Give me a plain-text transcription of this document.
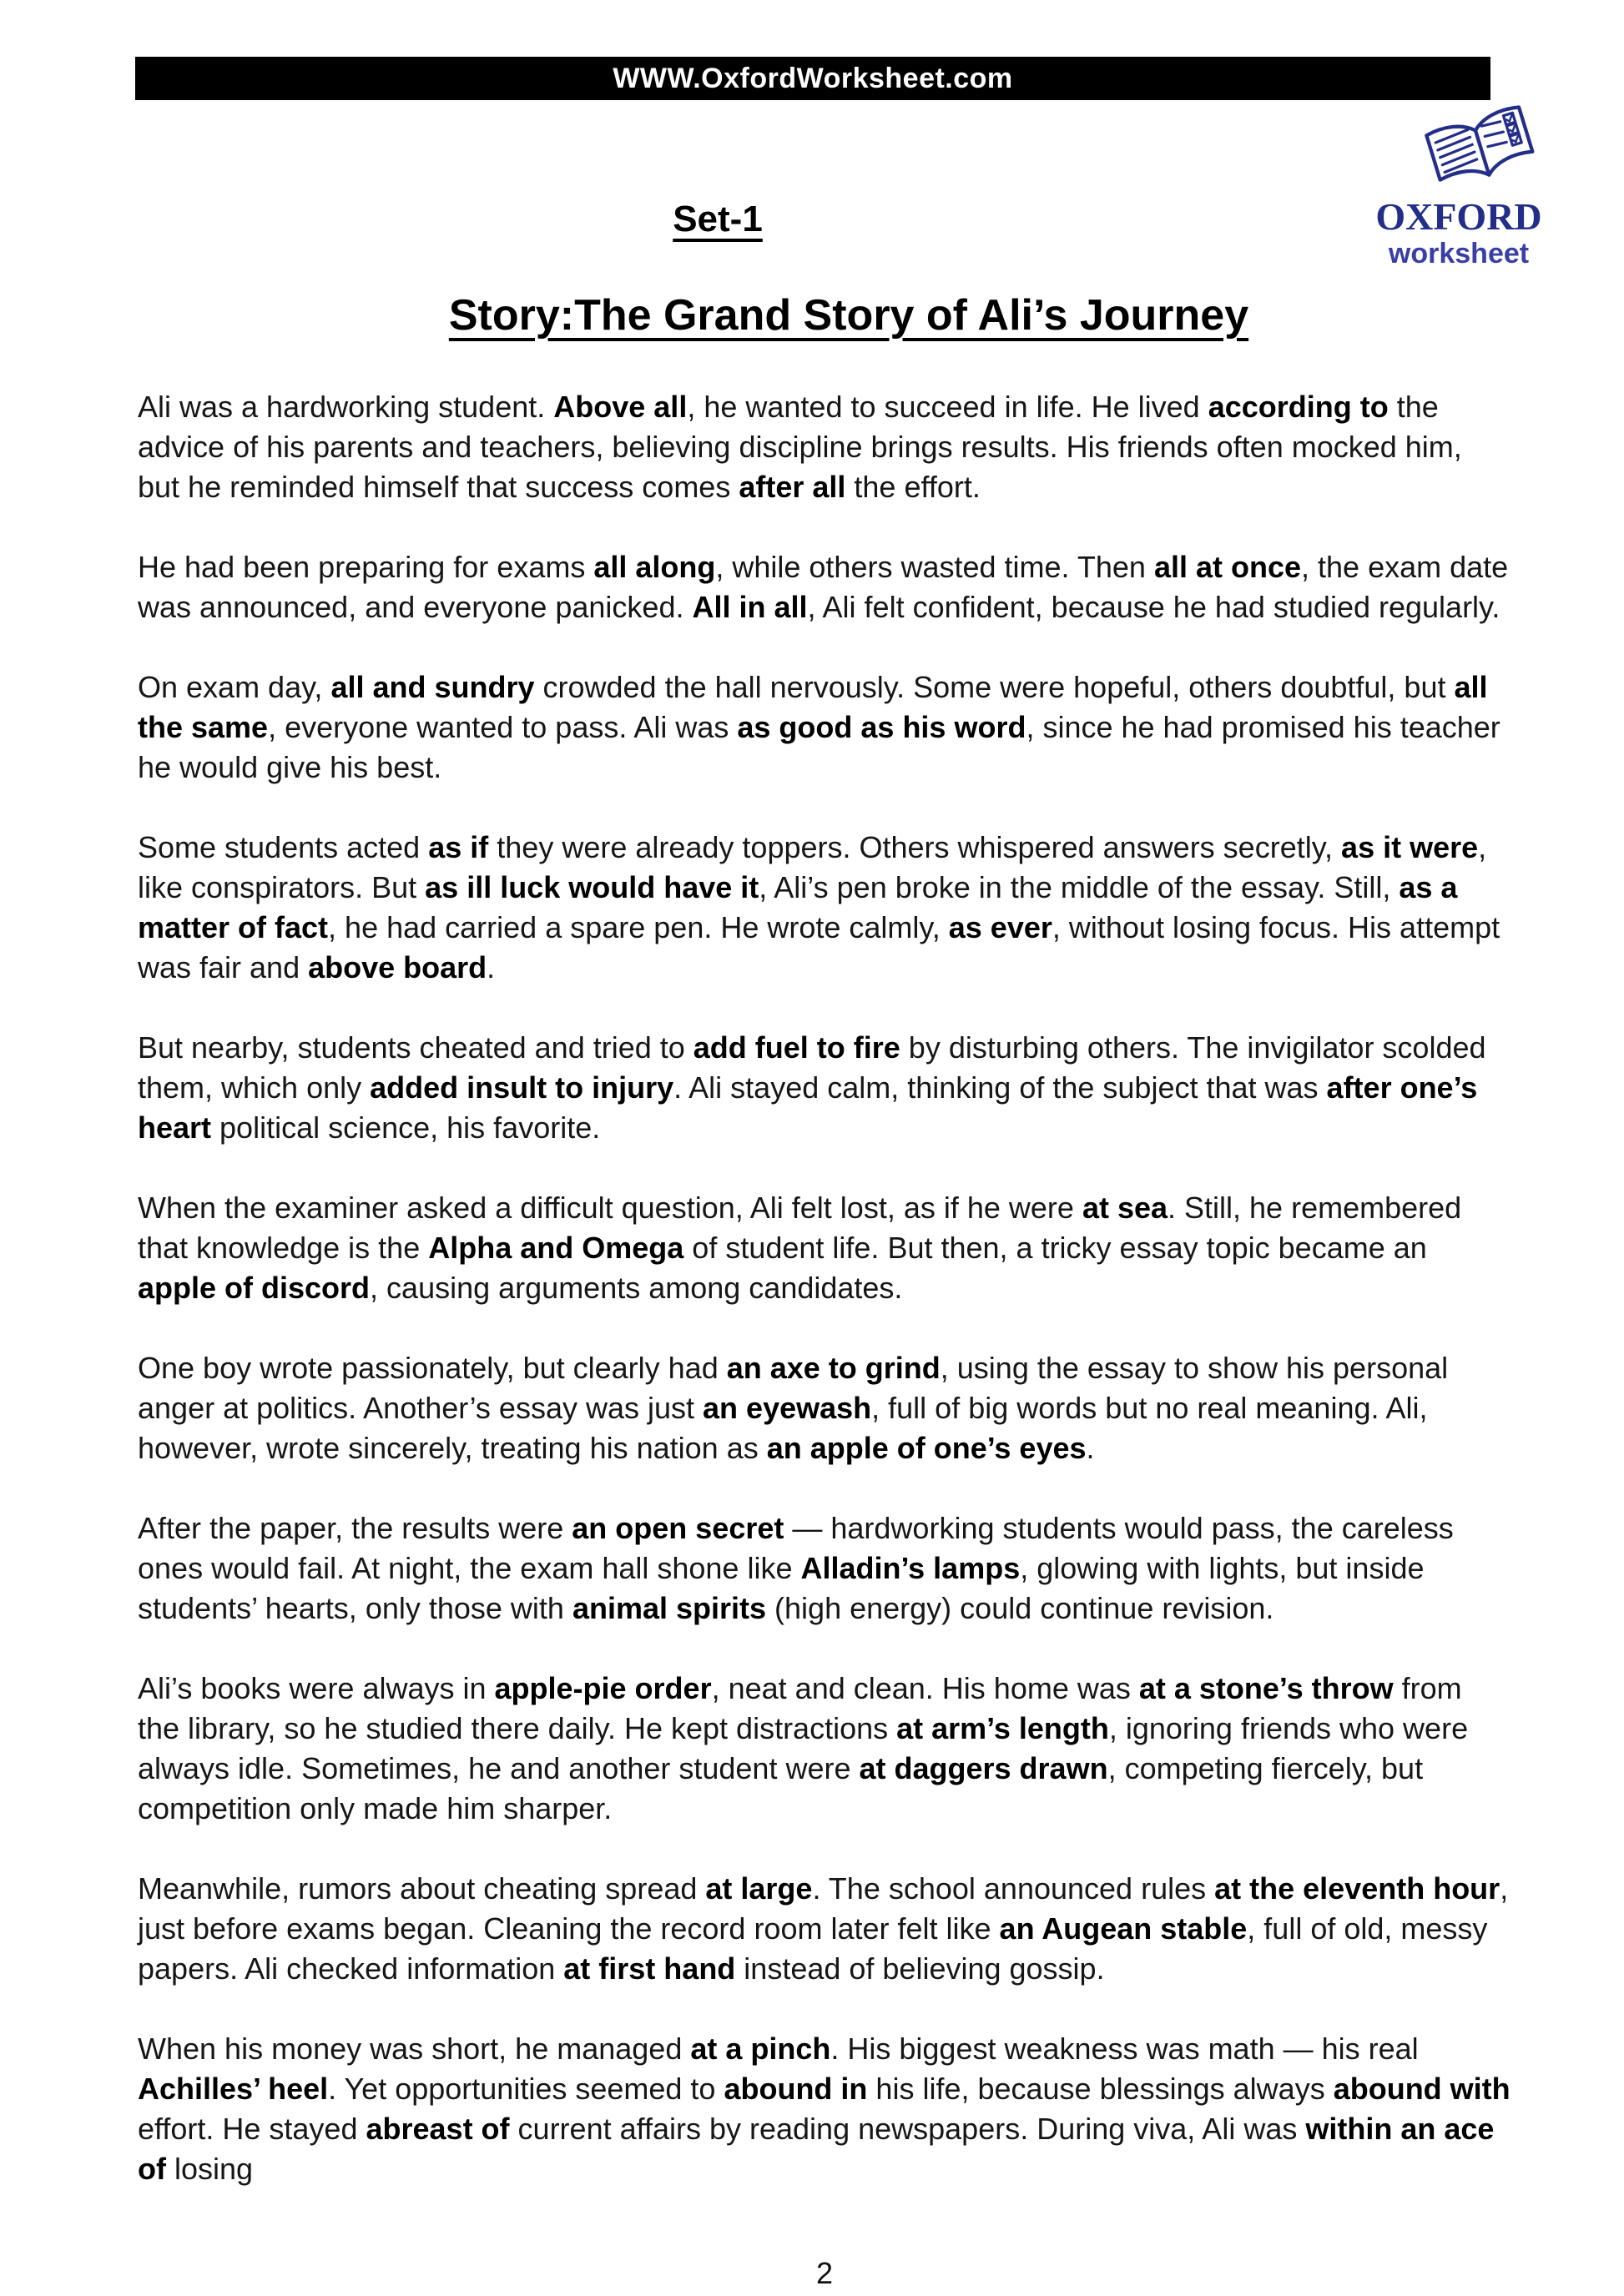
WWW.OxfordWorksheet.com
OXFORD
worksheet
Set-1
Story:The Grand Story of Ali’s Journey

Ali was a hardworking student. Above all, he wanted to succeed in life. He lived according to the advice of his parents and teachers, believing discipline brings results. His friends often mocked him, but he reminded himself that success comes after all the effort.

He had been preparing for exams all along, while others wasted time. Then all at once, the exam date was announced, and everyone panicked. All in all, Ali felt confident, because he had studied regularly.

On exam day, all and sundry crowded the hall nervously. Some were hopeful, others doubtful, but all the same, everyone wanted to pass. Ali was as good as his word, since he had promised his teacher he would give his best.

Some students acted as if they were already toppers. Others whispered answers secretly, as it were, like conspirators. But as ill luck would have it, Ali’s pen broke in the middle of the essay. Still, as a matter of fact, he had carried a spare pen. He wrote calmly, as ever, without losing focus. His attempt was fair and above board.

But nearby, students cheated and tried to add fuel to fire by disturbing others. The invigilator scolded them, which only added insult to injury. Ali stayed calm, thinking of the subject that was after one’s heart political science, his favorite.

When the examiner asked a difficult question, Ali felt lost, as if he were at sea. Still, he remembered that knowledge is the Alpha and Omega of student life. But then, a tricky essay topic became an apple of discord, causing arguments among candidates.

One boy wrote passionately, but clearly had an axe to grind, using the essay to show his personal anger at politics. Another’s essay was just an eyewash, full of big words but no real meaning. Ali, however, wrote sincerely, treating his nation as an apple of one’s eyes.

After the paper, the results were an open secret — hardworking students would pass, the careless ones would fail. At night, the exam hall shone like Alladin’s lamps, glowing with lights, but inside students’ hearts, only those with animal spirits (high energy) could continue revision.

Ali’s books were always in apple-pie order, neat and clean. His home was at a stone’s throw from the library, so he studied there daily. He kept distractions at arm’s length, ignoring friends who were always idle. Sometimes, he and another student were at daggers drawn, competing fiercely, but competition only made him sharper.

Meanwhile, rumors about cheating spread at large. The school announced rules at the eleventh hour, just before exams began. Cleaning the record room later felt like an Augean stable, full of old, messy papers. Ali checked information at first hand instead of believing gossip.

When his money was short, he managed at a pinch. His biggest weakness was math — his real Achilles’ heel. Yet opportunities seemed to abound in his life, because blessings always abound with effort. He stayed abreast of current affairs by reading newspapers. During viva, Ali was within an ace of losing

2
